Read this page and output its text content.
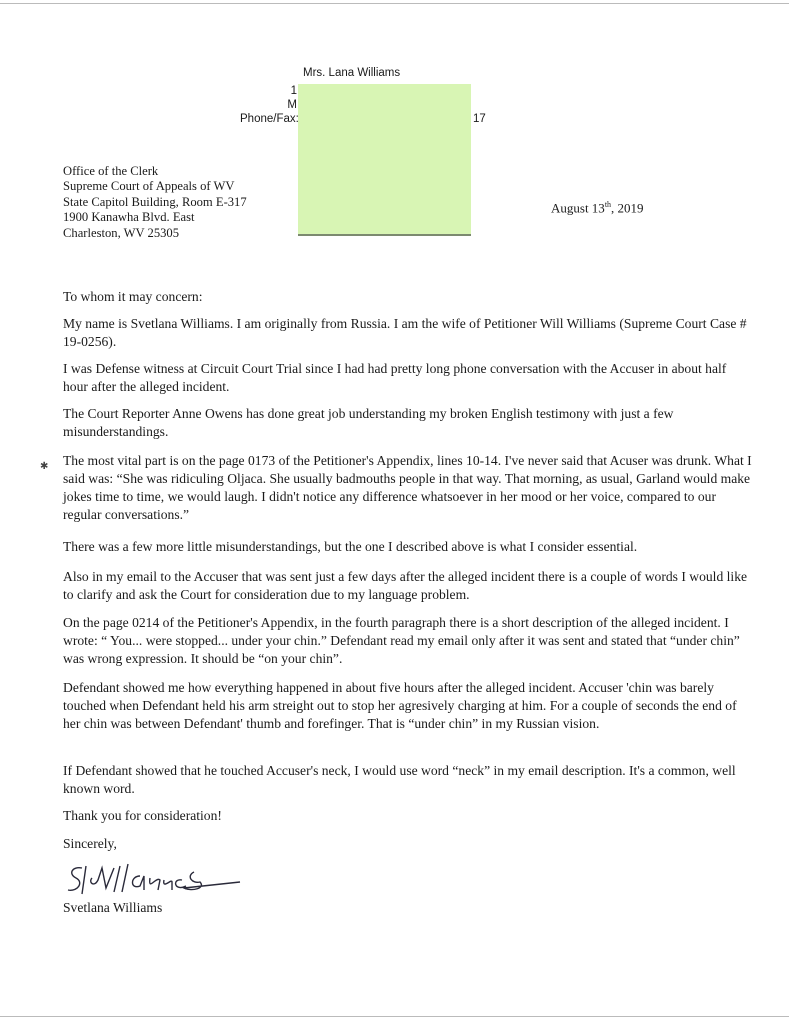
Mrs. Lana Williams
1
M
Phone/Fax:	17
Office of the Clerk
Supreme Court of Appeals of WV
State Capitol Building, Room E-317
1900 Kanawha Blvd. East
Charleston, WV 25305
August 13th, 2019
To whom it may concern:
My name is Svetlana Williams. I am originally from Russia. I am the wife of Petitioner Will Williams (Supreme Court Case # 19-0256).
I was Defense witness at Circuit Court Trial since I had had pretty long phone conversation with the Accuser in about half hour after the alleged incident.
The Court Reporter Anne Owens has done great job understanding my broken English testimony with just a few misunderstandings.
✱ The most vital part is on the page 0173 of the Petitioner's Appendix, lines 10-14. I've never said that Acuser was drunk. What I said was: “She was ridiculing Oljaca. She usually badmouths people in that way. That morning, as usual, Garland would make jokes time to time, we would laugh. I didn't notice any difference whatsoever in her mood or her voice, compared to our regular conversations.”
There was a few more little misunderstandings, but the one I described above is what I consider essential.
Also in my email to the Accuser that was sent just a few days after the alleged incident there is a couple of words I would like to clarify and ask the Court for consideration due to my language problem.
On the page 0214 of the Petitioner's Appendix, in the fourth paragraph there is a short description of the alleged incident. I wrote: “ You... were stopped... under your chin.” Defendant read my email only after it was sent and stated that “under chin” was wrong expression. It should be “on your chin”.
Defendant showed me how everything happened in about five hours after the alleged incident. Accuser 'chin was barely touched when Defendant held his arm streight out to stop her agresively charging at him. For a couple of seconds the end of her chin was between Defendant' thumb and forefinger. That is “under chin” in my Russian vision.
If Defendant showed that he touched Accuser's neck, I would use word “neck” in my email description. It's a common, well known word.
Thank you for consideration!
Sincerely,
Svetlana Williams
